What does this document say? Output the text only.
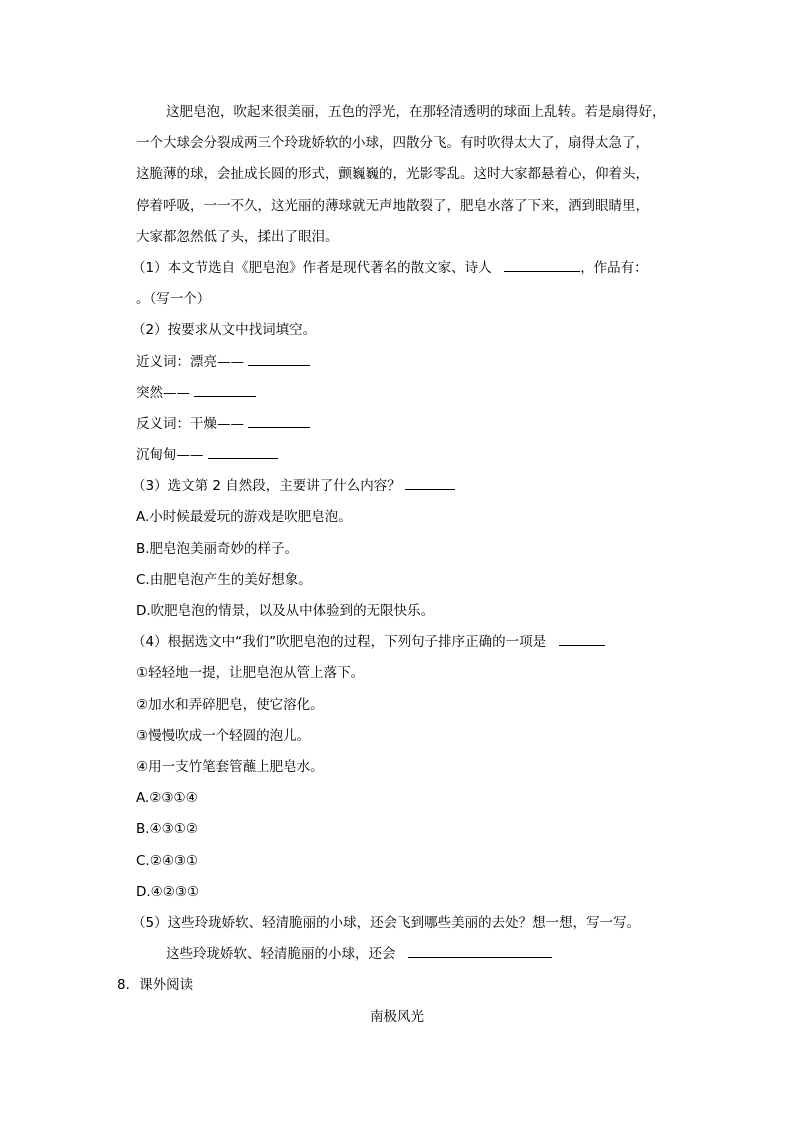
这肥皂泡，吹起来很美丽，五色的浮光，在那轻清透明的球面上乱转。若是扇得好，
一个大球会分裂成两三个玲珑娇软的小球，四散分飞。有时吹得太大了，扇得太急了，
这脆薄的球，会扯成长圆的形式，颤巍巍的，光影零乱。这时大家都悬着心，仰着头，
停着呼吸，一一不久，这光丽的薄球就无声地散裂了，肥皂水落了下来，洒到眼睛里，
大家都忽然低了头，揉出了眼泪。
（1）本文节选自《肥皂泡》作者是现代著名的散文家、诗人	，作品有：
。（写一个）
（2）按要求从文中找词填空。
近义词：漂亮——
突然——
反义词：干燥——
沉甸甸——
（3）选文第 2 自然段，主要讲了什么内容？
A.小时候最爱玩的游戏是吹肥皂泡。
B.肥皂泡美丽奇妙的样子。
C.由肥皂泡产生的美好想象。
D.吹肥皂泡的情景，以及从中体验到的无限快乐。
（4）根据选文中“我们”吹肥皂泡的过程，下列句子排序正确的一项是
①轻轻地一提，让肥皂泡从管上落下。
②加水和弄碎肥皂，使它溶化。
③慢慢吹成一个轻圆的泡儿。
④用一支竹笔套管蘸上肥皂水。
A.②③①④
B.④③①②
C.②④③①
D.④②③①
（5）这些玲珑娇软、轻清脆丽的小球，还会飞到哪些美丽的去处？想一想，写一写。
这些玲珑娇软、轻清脆丽的小球，还会
8．课外阅读
南极风光
